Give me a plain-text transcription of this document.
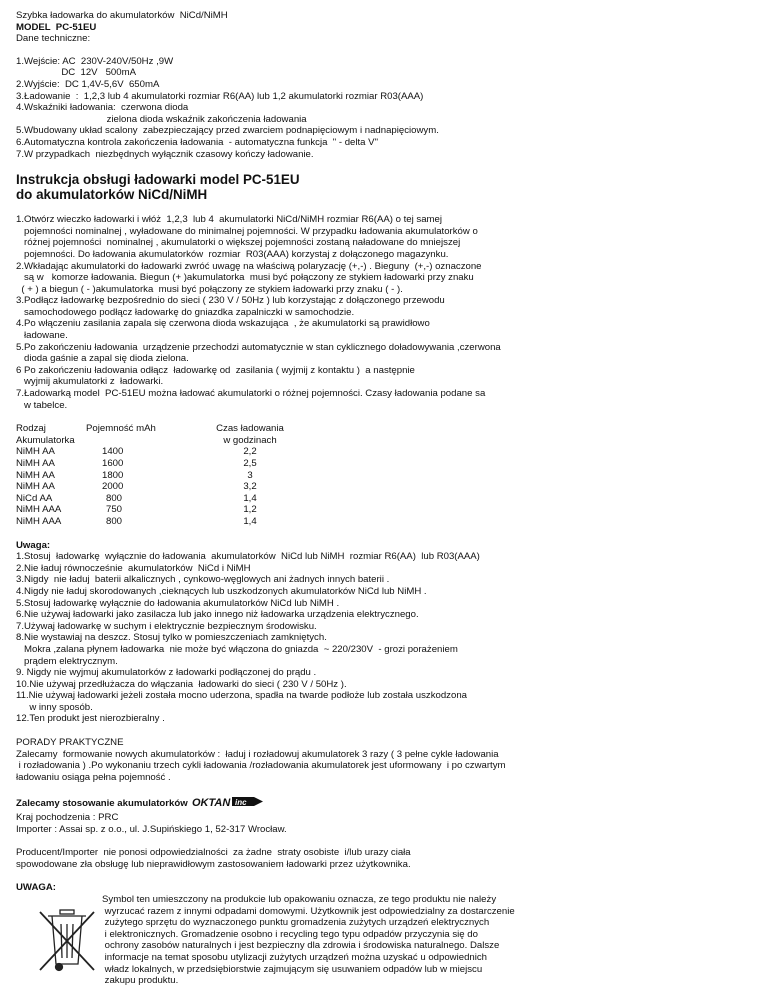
Szybka ładowarka do akumulatorków  NiCd/NiMH
MODEL  PC-51EU
Dane techniczne:
1.Wejście: AC  230V-240V/50Hz ,9W
DC  12V   500mA
2.Wyjście:  DC 1,4V-5,6V  650mA
3.Ładowanie  :  1,2,3 lub 4 akumulatorki rozmiar R6(AA) lub 1,2 akumulatorki rozmiar R03(AAA)
4.Wskaźniki ładowania:  czerwona dioda
zielona dioda wskaźnik zakończenia ładowania
5.Wbudowany układ scalony  zabezpieczający przed zwarciem podnapięciowym i nadnapięciowym.
6.Automatyczna kontrola zakończenia ładowania  - automatyczna funkcja  " - delta V"
7.W przypadkach  niezbędnych wyłącznik czasowy kończy ładowanie.
Instrukcja obsługi ładowarki model PC-51EU
do akumulatorków NiCd/NiMH
1.Otwórz wieczko ładowarki i włóż  1,2,3  lub 4  akumulatorki NiCd/NiMH rozmiar R6(AA) o tej samej
pojemności nominalnej , wyładowane do minimalnej pojemności. W przypadku ładowania akumulatorków o
różnej pojemności  nominalnej , akumulatorki o większej pojemności zostaną naładowane do mniejszej
pojemności. Do ładowania akumulatorków  rozmiar  R03(AAA) korzystaj z dołączonego magazynku.
2.Wkładając akumulatorki do ładowarki zwróć uwagę na właściwą polaryzację (+,-) . Bieguny  (+,-) oznaczone
są w   komorze ładowania. Biegun (+ )akumulatorka  musi być połączony ze stykiem ładowarki przy znaku
( + ) a biegun ( - )akumulatorka  musi być połączony ze stykiem ładowarki przy znaku ( - ).
3.Podłącz ładowarkę bezpośrednio do sieci ( 230 V / 50Hz ) lub korzystając z dołączonego przewodu
samochodowego podłącz ładowarkę do gniazdka zapalniczki w samochodzie.
4.Po włączeniu zasilania zapala się czerwona dioda wskazująca  , że akumulatorki są prawidłowo
ładowane.
5.Po zakończeniu ładowania  urządzenie przechodzi automatycznie w stan cyklicznego doładowywania ,czerwona
dioda gaśnie a zapal się dioda zielona.
6 Po zakończeniu ładowania odłącz  ładowarkę od  zasilania ( wyjmij z kontaktu )  a następnie
wyjmij akumulatorki z  ładowarki.
7.Ładowarką model  PC-51EU można ładować akumulatorki o różnej pojemności. Czasy ładowania podane sa
w tabelce.
Rodzaj
Akumulatorka
Pojemność mAh	Czas ładowania
w godzinach
NiMH AA	1400	2,2
NiMH AA	1600	2,5
NiMH AA	1800	3
NiMH AA	2000	3,2
NiCd AA	800	1,4
NiMH AAA	750	1,2
NiMH AAA	800	1,4
Uwaga:
1.Stosuj  ładowarkę  wyłącznie do ładowania  akumulatorków  NiCd lub NiMH  rozmiar R6(AA)  lub R03(AAA)
2.Nie ładuj równocześnie  akumulatorków  NiCd i NiMH
3.Nigdy  nie ładuj  baterii alkalicznych , cynkowo-węglowych ani żadnych innych baterii .
4.Nigdy nie ładuj skorodowanych ,cieknących lub uszkodzonych akumulatorków NiCd lub NiMH .
5.Stosuj ładowarkę wyłącznie do ładowania akumulatorków NiCd lub NiMH .
6.Nie używaj ładowarki jako zasilacza lub jako innego niż ładowarka urządzenia elektrycznego.
7.Używaj ładowarkę w suchym i elektrycznie bezpiecznym środowisku.
8.Nie wystawiaj na deszcz. Stosuj tylko w pomieszczeniach zamkniętych.
Mokra ,zalana płynem ładowarka  nie może być włączona do gniazda  ~ 220/230V  - grozi porażeniem
prądem elektrycznym.
9. Nigdy nie wyjmuj akumulatorków z ładowarki podłączonej do prądu .
10.Nie używaj przedłużacza do włączania  ładowarki do sieci ( 230 V / 50Hz ).
11.Nie używaj ładowarki jeżeli została mocno uderzona, spadła na twarde podłoże lub została uszkodzona
w inny sposób.
12.Ten produkt jest nierozbieralny .
PORADY PRAKTYCZNE
Zalecamy  formowanie nowych akumulatorków :  ładuj i rozładowuj akumulatorek 3 razy ( 3 pełne cykle ładowania
i rozładowania ) .Po wykonaniu trzech cykli ładowania /rozładowania akumulatorek jest uformowany  i po czwartym
ładowaniu osiąga pełna pojemność .
Zalecamy stosowanie akumulatorków OKTAN inc
Kraj pochodzenia : PRC
Importer : Assai sp. z o.o., ul. J.Supińskiego 1, 52-317 Wrocław.
Producent/Importer  nie ponosi odpowiedzialności  za żadne  straty osobiste  i/lub urazy ciała
spowodowane zła obsługę lub nieprawidłowym zastosowaniem ładowarki przez użytkownika.
UWAGA:
Symbol ten umieszczony na produkcie lub opakowaniu oznacza, ze tego produktu nie należy
wyrzucać razem z innymi odpadami domowymi. Użytkownik jest odpowiedzialny za dostarczenie
zużytego sprzętu do wyznaczonego punktu gromadzenia zużytych urządzeń elektrycznych
i elektronicznych. Gromadzenie osobno i recycling tego typu odpadów przyczynia się do
ochrony zasobów naturalnych i jest bezpieczny dla zdrowia i środowiska naturalnego. Dalsze
informacje na temat sposobu utylizacji zużytych urządzeń można uzyskać u odpowiednich
władz lokalnych, w przedsiębiorstwie zajmującym się usuwaniem odpadów lub w miejscu
zakupu produktu.
